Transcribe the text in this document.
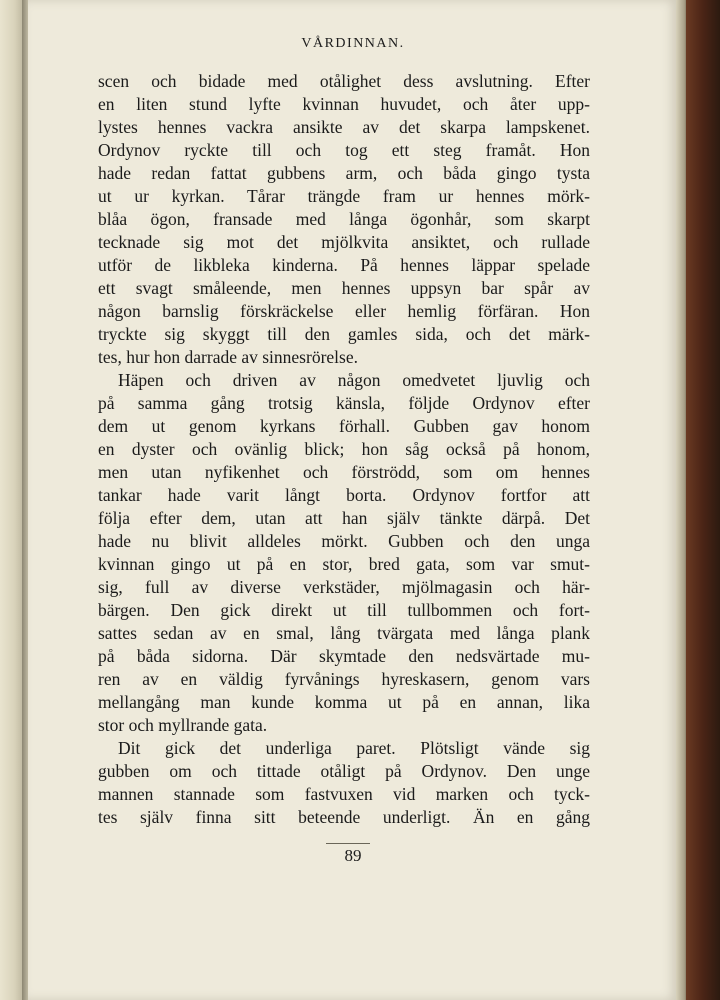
VÅRDINNAN.
scen och bidade med otålighet dess avslutning. Efter
en liten stund lyfte kvinnan huvudet, och åter upp-
lystes hennes vackra ansikte av det skarpa lampskenet.
Ordynov ryckte till och tog ett steg framåt. Hon
hade redan fattat gubbens arm, och båda gingo tysta
ut ur kyrkan. Tårar trängde fram ur hennes mörk-
blåa ögon, fransade med långa ögonhår, som skarpt
tecknade sig mot det mjölkvita ansiktet, och rullade
utför de likbleka kinderna. På hennes läppar spelade
ett svagt småleende, men hennes uppsyn bar spår av
någon barnslig förskräckelse eller hemlig förfäran. Hon
tryckte sig skyggt till den gamles sida, och det märk-
tes, hur hon darrade av sinnesrörelse.
Häpen och driven av någon omedvetet ljuvlig och
på samma gång trotsig känsla, följde Ordynov efter
dem ut genom kyrkans förhall. Gubben gav honom
en dyster och ovänlig blick; hon såg också på honom,
men utan nyfikenhet och förströdd, som om hennes
tankar hade varit långt borta. Ordynov fortfor att
följa efter dem, utan att han själv tänkte därpå. Det
hade nu blivit alldeles mörkt. Gubben och den unga
kvinnan gingo ut på en stor, bred gata, som var smut-
sig, full av diverse verkstäder, mjölmagasin och här-
bärgen. Den gick direkt ut till tullbommen och fort-
sattes sedan av en smal, lång tvärgata med långa plank
på båda sidorna. Där skymtade den nedsvärtade mu-
ren av en väldig fyrvånings hyreskasern, genom vars
mellangång man kunde komma ut på en annan, lika
stor och myllrande gata.
Dit gick det underliga paret. Plötsligt vände sig
gubben om och tittade otåligt på Ordynov. Den unge
mannen stannade som fastvuxen vid marken och tyck-
tes själv finna sitt beteende underligt. Än en gång
89
